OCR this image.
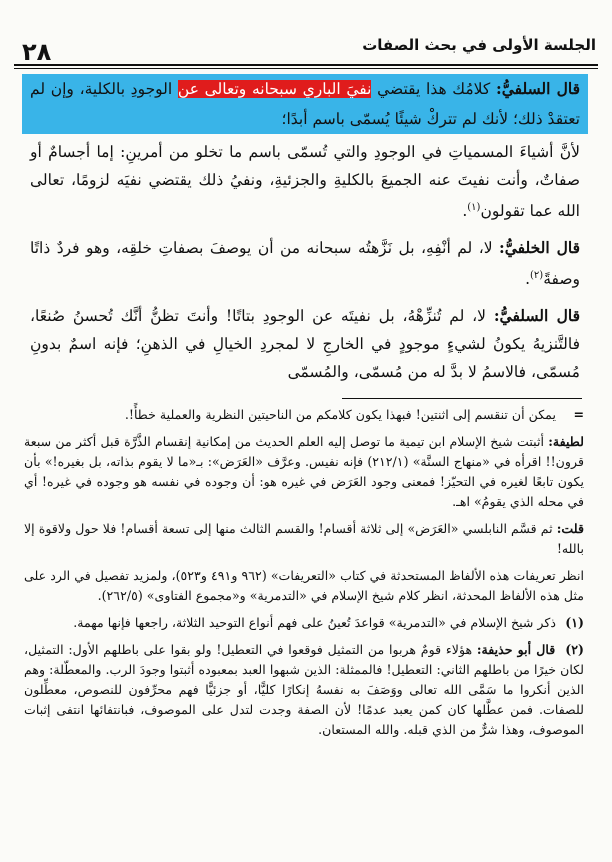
الجلسة الأولى في بحث الصفات
٢٨
قال السلفيُّ: كلامُك هذا يقتضي نفيَ الباري سبحانه وتعالى عن الوجودِ بالكلية، وإن لم تعتقدْ ذلك؛ لأنك لم تتركْ شيئًا يُسمّى باسم أبدًا؛

لأنَّ أشياءَ المسمياتِ في الوجودِ والتي تُسمّى باسم ما تخلو من أمرينِ: إما أجسامٌ أو صفاتٌ، وأنت نفيتَ عنه الجميعَ بالكليةِ والجزئيةِ، ونفيُ ذلك يقتضي نفيَه لزومًا، تعالى الله عما تقولون$^{(١)}$.

قال الخلفيُّ: لا، لم أنْفِهِ، بل نَزَّهتُه سبحانه من أن يوصفَ بصفاتِ خلقِه، وهو فردٌ ذاتًا وصفةً$^{(٢)}$.

قال السلفيُّ: لا، لم تُنزِّهْهُ، بل نفيتَه عن الوجودِ بتاتًا! وأنتَ تظنُّ أنَّك تُحسنُ صُنعًا، فالتَّنزيهُ يكونُ لشيءٍ موجودٍ في الخارجِ لا لمجردِ الخيالِ في الذهنِ؛ فإنه اسمٌ بدونِ مُسمّى، فالاسمُ لا بدَّ له من مُسمّى، والمُسمّى

= يمكن أن تنقسم إلى اثنتين! فبهذا يكون كلامكم من الناحيتين النظرية والعملية خطأً!.

لطيفة: أثبتت شيخ الإسلام ابن تيمية ما توصل إليه العلم الحديث من إمكانية إنقسام الذَّرَّة قبل أكثر من سبعة قرون!! اقرأه في «منهاج السنَّة» (٢١٢/١) فإنه نفيس. وعرَّف «العَرَض»: بـ«ما لا يقوم بذاته، بل بغيره!» بأن يكون تابعًا لغيره في التحيّز! فمعنى وجود العَرَض في غيره هو: أن وجوده في نفسه هو وجوده في غيره! أي في محله الذي يقومُ» اهـ.

قلت: ثم قسَّم النابلسي «العَرَض» إلى ثلاثة أقسام! والقسم الثالث منها إلى تسعة أقسام! فلا حول ولاقوة إلا بالله!

انظر تعريفات هذه الألفاظ المستحدثة في كتاب «التعريفات» (٩٦٢ و٤٩١ و٥٢٣)، ولمزيد تفصيل في الرد على مثل هذه الألفاظ المحدثة، انظر كلام شيخ الإسلام في «التدمرية» و«مجموع الفتاوى» (٢٦٢/٥).

(١) ذكر شيخ الإسلام في «التدمرية» قواعدَ تُعينُ على فهم أنواع التوحيد الثلاثة، راجعها فإنها مهمة.

(٢) قال أبو حذيفة: هؤلاء قومٌ هربوا من التمثيل فوقعوا في التعطيل! ولو بقوا على باطلهم الأول: التمثيل، لكان خيرًا من باطلهم الثاني: التعطيل! فالممثلة: الذين شبهوا العبد بمعبوده أثبتوا وجودَ الرب. والمعطّلة: وهم الذين أنكروا ما سَمَّى الله تعالى ووَصَفَ به نفسهُ إنكارًا كليًّا، أو جزئيًّا فهم محرِّفون للنصوص، معطِّلون للصفات. فمن عطَّلها كان كمن يعبد عدمًا! لأن الصفة وجدت لتدل على الموصوف، فبانتفائها انتفى إثبات الموصوف، وهذا شرٌّ من الذي قبله. والله المستعان.
